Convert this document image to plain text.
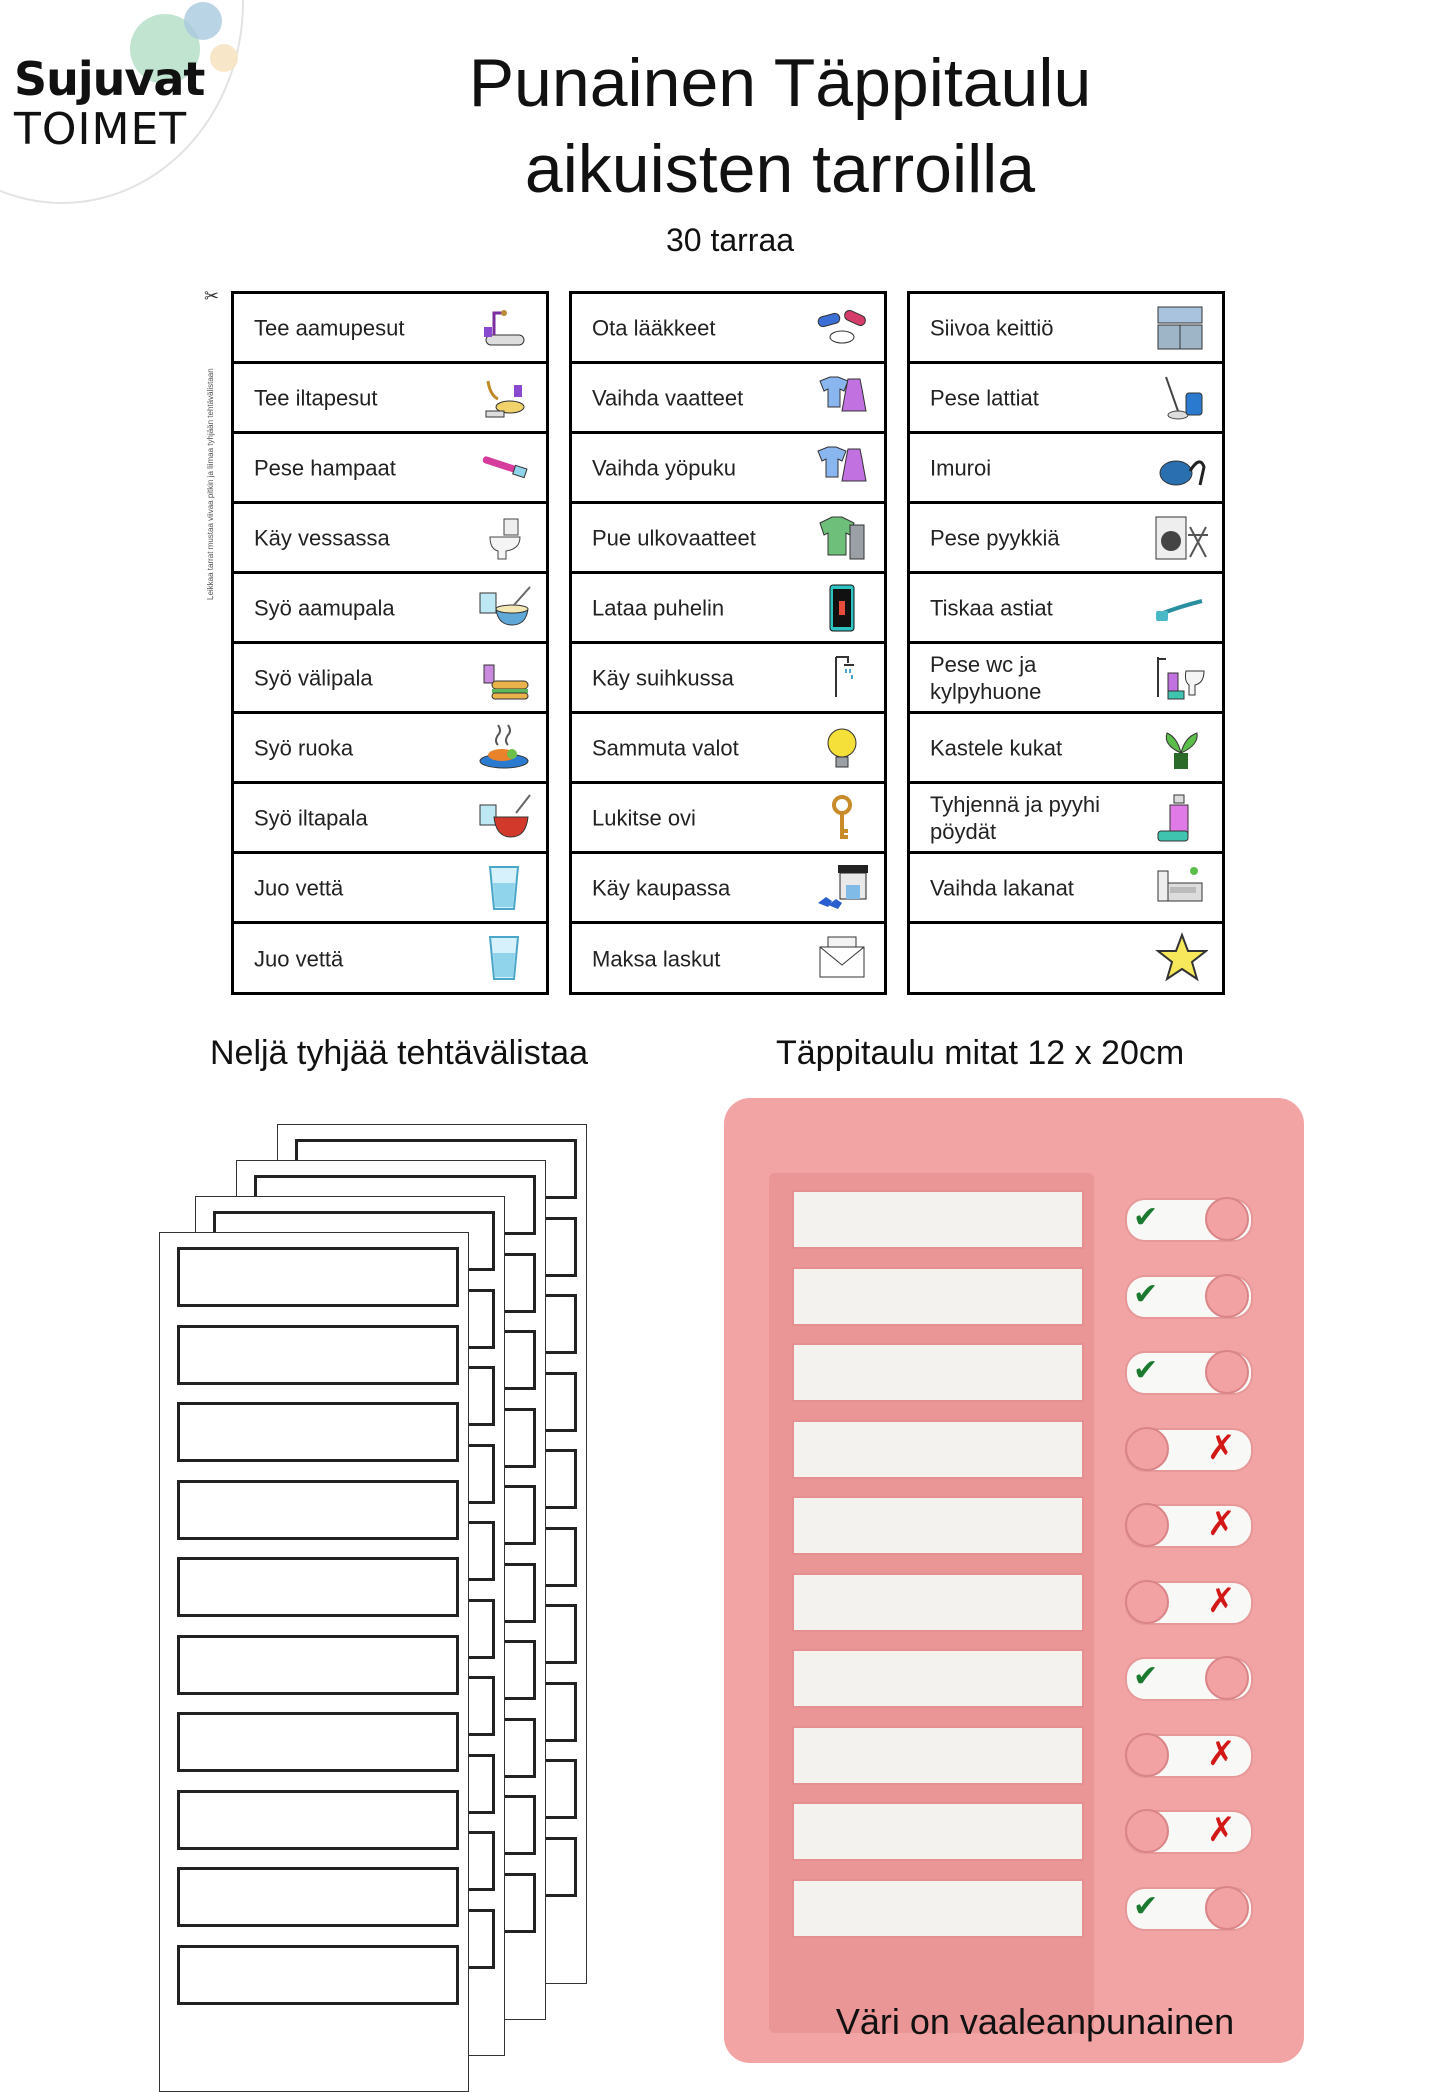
Sujuvat
TOIMET
Punainen Täppitaulu
aikuisten tarroilla
30 tarraa
✂
Leikkaa tarrat mustaa viivaa pitkin ja liimaa tyhjään tehtävälistaan
Tee aamupesut
Tee iltapesut
Pese hampaat
Käy vessassa
Syö aamupala
Syö välipala
Syö ruoka
Syö iltapala
Juo vettä
Juo vettä
Ota lääkkeet
Vaihda vaatteet
Vaihda yöpuku
Pue ulkovaatteet
Lataa puhelin
Käy suihkussa
Sammuta valot
Lukitse ovi
Käy kaupassa
Maksa laskut
Siivoa keittiö
Pese lattiat
Imuroi
Pese pyykkiä
Tiskaa astiat
Pese wc ja kylpyhuone
Kastele kukat
Tyhjennä ja pyyhi pöydät
Vaihda lakanat
Neljä tyhjää tehtävälistaa	Täppitaulu mitat 12 x 20cm
✔
✔
✔
✗
✗
✗
✔
✗
✗
✔
Väri on vaaleanpunainen
